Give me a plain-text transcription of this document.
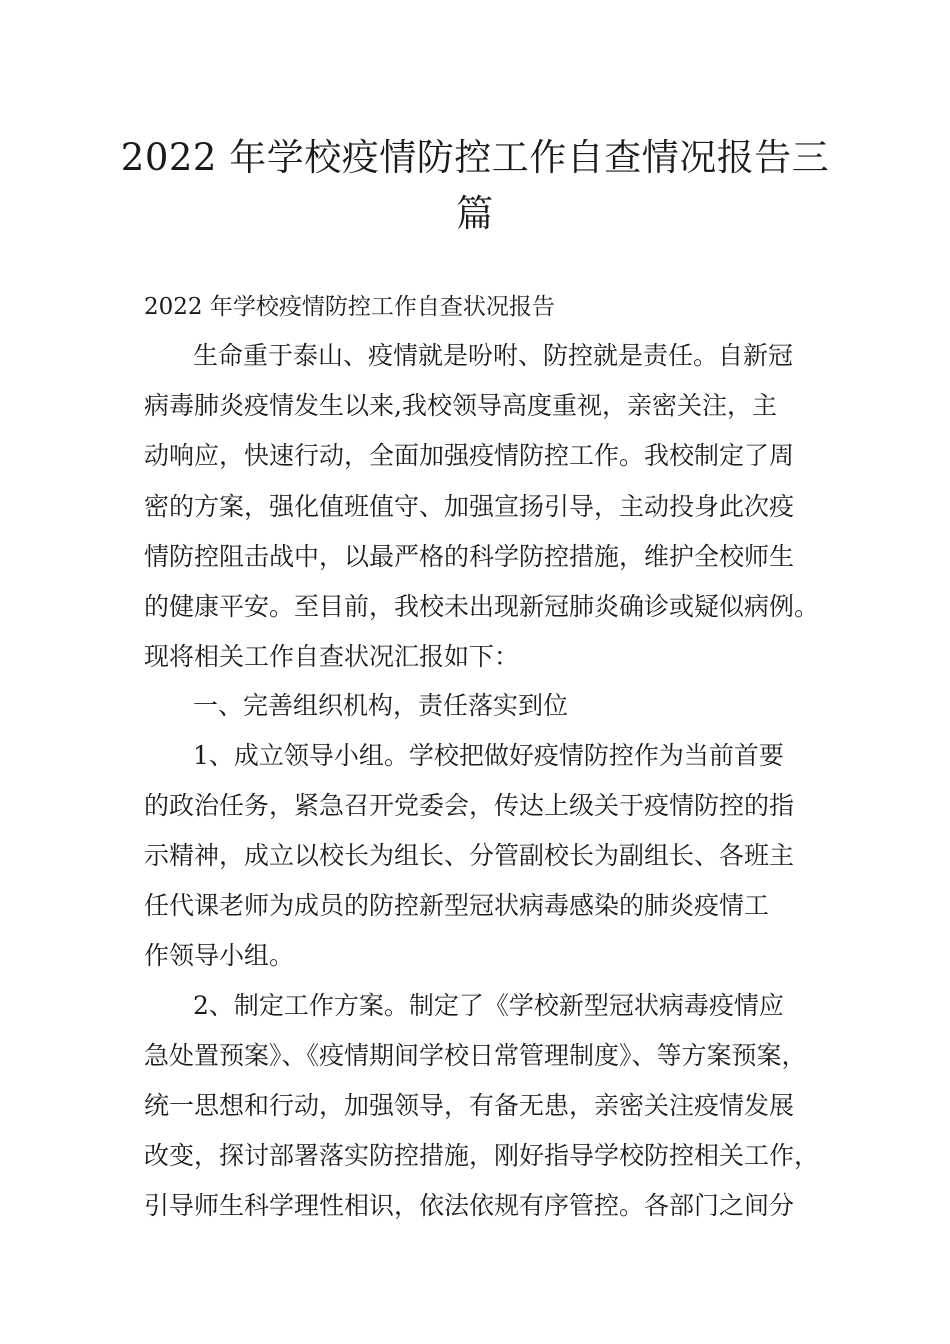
2022 年学校疫情防控工作自查情况报告三
篇
2022 年学校疫情防控工作自查状况报告
生命重于泰山、疫情就是吩咐、防控就是责任。自新冠
病毒肺炎疫情发生以来,我校领导高度重视，亲密关注，主
动响应，快速行动，全面加强疫情防控工作。我校制定了周
密的方案，强化值班值守、加强宣扬引导，主动投身此次疫
情防控阻击战中，以最严格的科学防控措施，维护全校师生
的健康平安。至目前，我校未出现新冠肺炎确诊或疑似病例。
现将相关工作自查状况汇报如下：
一、完善组织机构，责任落实到位
1、成立领导小组。学校把做好疫情防控作为当前首要
的政治任务，紧急召开党委会，传达上级关于疫情防控的指
示精神，成立以校长为组长、分管副校长为副组长、各班主
任代课老师为成员的防控新型冠状病毒感染的肺炎疫情工
作领导小组。
2、制定工作方案。制定了《学校新型冠状病毒疫情应
急处置预案》、《疫情期间学校日常管理制度》、等方案预案，
统一思想和行动，加强领导，有备无患，亲密关注疫情发展
改变，探讨部署落实防控措施，刚好指导学校防控相关工作，
引导师生科学理性相识，依法依规有序管控。各部门之间分
